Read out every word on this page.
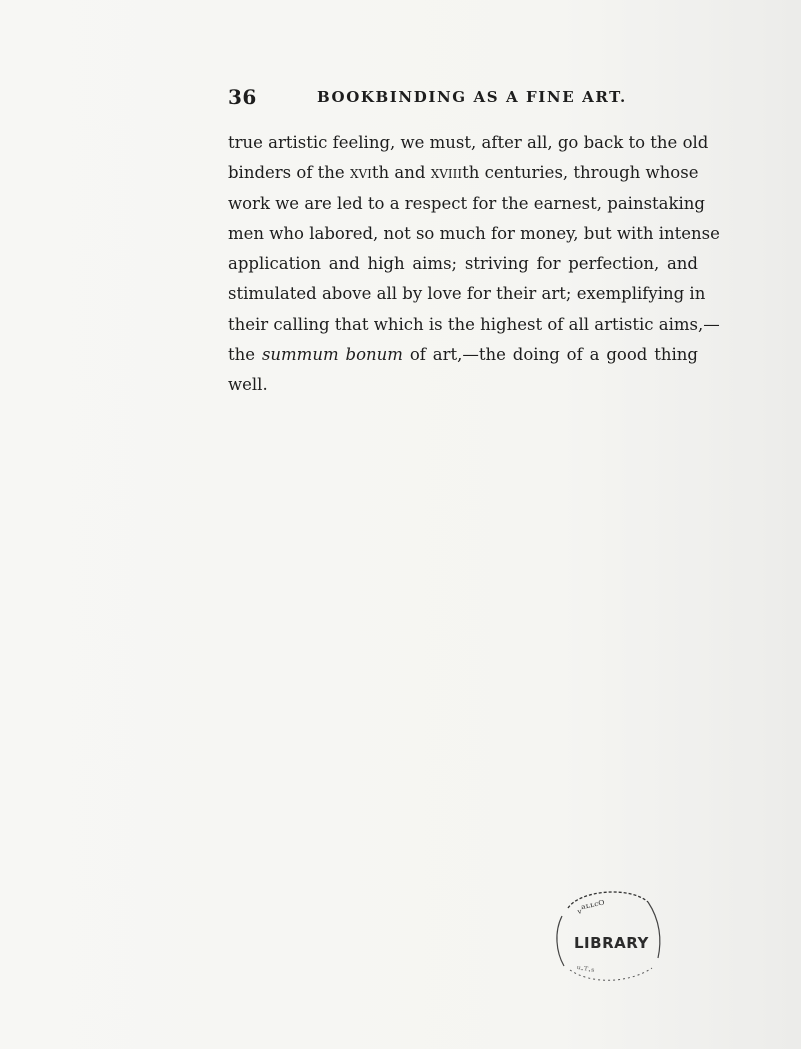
36	BOOKBINDING AS A FINE ART.
true artistic feeling, we must, after all, go back to the old
binders of the xvith and xviiith centuries, through whose
work we are led to a respect for the earnest, painstaking
men who labored, not so much for money, but with intense
application and high aims; striving for perfection, and
stimulated above all by love for their art; exemplifying in
their calling that which is the highest of all artistic aims,—
the summum bonum of art,—the doing of a good thing
well.
ᵥᵃᶫᶫᶜᴼ
LIBRARY
ᵘ·ᵀ·ˢ
